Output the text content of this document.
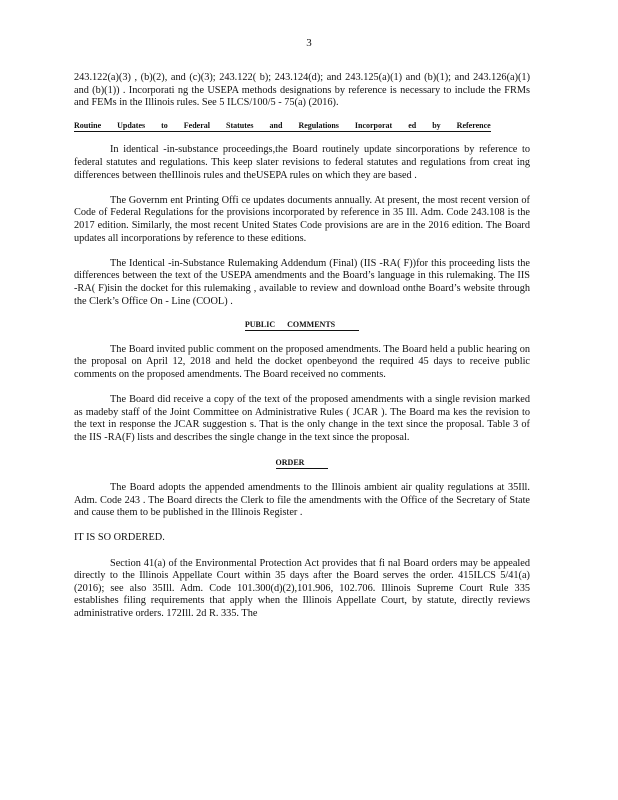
3

243.122(a)(3) , (b)(2), and (c)(3); 243.122( b); 243.124(d); and 243.125(a)(1) and (b)(1); and 243.126(a)(1) and (b)(1)) . Incorporati ng the USEPA methods designations by reference is necessary to include the FRMs and FEMs in the Illinois rules. See 5 ILCS/100/5 - 75(a) (2016).

Routine Updates to Federal Statutes and Regulations Incorporat ed by Reference

In identical -in-substance proceedings,the Board routinely update sincorporations by reference to federal statutes and regulations. This keep slater revisions to federal statutes and regulations from creat ing differences between theIllinois rules and theUSEPA rules on which they are based .

The Governm ent Printing Offi ce updates documents annually. At present, the most recent version of Code of Federal Regulations for the provisions incorporated by reference in 35 Ill. Adm. Code 243.108 is the 2017 edition. Similarly, the most recent United States Code provisions are are in the 2016 edition. The Board updates all incorporations by reference to these editions.

The Identical -in-Substance Rulemaking Addendum (Final) (IIS -RA( F))for this proceeding lists the differences between the text of the USEPA amendments and the Board’s language in this rulemaking. The IIS -RA( F)isin the docket for this rulemaking , available to review and download onthe Board’s website through the Clerk’s Office On - Line (COOL) .

PUBLIC COMMENTS

The Board invited public comment on the proposed amendments. The Board held a public hearing on the proposal on April 12, 2018 and held the docket openbeyond the required 45 days to receive public comments on the proposed amendments. The Board received no comments.

The Board did receive a copy of the text of the proposed amendments with a single revision marked as madeby staff of the Joint Committee on Administrative Rules ( JCAR ). The Board ma kes the revision to the text in response the JCAR suggestion s. That is the only change in the text since the proposal. Table 3 of the IIS -RA(F) lists and describes the single change in the text since the proposal.

ORDER

The Board adopts the appended amendments to the Illinois ambient air quality regulations at 35Ill. Adm. Code 243 . The Board directs the Clerk to file the amendments with the Office of the Secretary of State and cause them to be published in the Illinois Register .

IT IS SO ORDERED.

Section 41(a) of the Environmental Protection Act provides that fi nal Board orders may be appealed directly to the Illinois Appellate Court within 35 days after the Board serves the order. 415ILCS 5/41(a) (2016); see also 35Ill. Adm. Code 101.300(d)(2),101.906, 102.706. Illinois Supreme Court Rule 335 establishes filing requirements that apply when the Illinois Appellate Court, by statute, directly reviews administrative orders. 172Ill. 2d R. 335. The
